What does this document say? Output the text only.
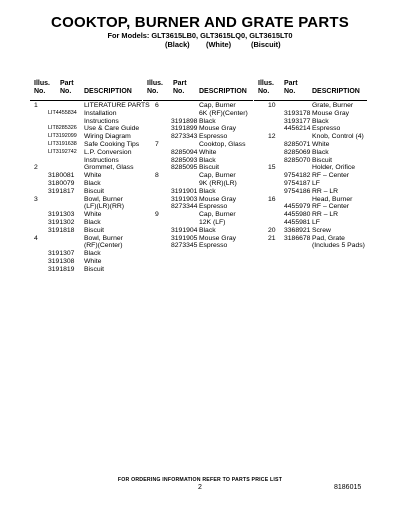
COOKTOP, BURNER AND GRATE PARTS
For Models: GLT3615LB0, GLT3615LQ0, GLT3615LT0
(Black) (White)	(Biscuit)
Illus.
No.
Part
No.	DESCRIPTION
1	LITERATURE PARTS
LIT4455834 Installation
Instructions
LIT8285326 Use & Care Guide
LIT3192099 Wiring Diagram
LIT3191638 Safe Cooking Tips
LIT3192742 L.P. Conversion
Instructions
2	Grommet, Glass
3180081 White
3180079 Black
3191817 Biscuit
3	Bowl, Burner
(LF)(LR)(RR)
3191303 White
3191302 Black
3191818 Biscuit
4	Bowl, Burner
(RF)(Center)
3191307 Black
3191308 White
3191819 Biscuit
Illus.
No.
Part
No.	DESCRIPTION
6	Cap, Burner
6K (RF)(Center)
3191898 Black
3191899 Mouse Gray
8273343 Espresso
7	Cooktop, Glass
8285094 White
8285093 Black
8285095 Biscuit
8	Cap, Burner
9K (RR)(LR)
3191901 Black
3191903 Mouse Gray
8273344 Espresso
9	Cap, Burner
12K (LF)
3191904 Black
3191905 Mouse Gray
8273345 Espresso
Illus.
No.
Part
No.	DESCRIPTION
10	Grate, Burner
3193178 Mouse Gray
3193177 Black
4456214 Espresso
12	Knob, Control (4)
8285071 White
8285069 Black
8285070 Biscuit
15	Holder, Orifice
9754182 RF – Center
9754187 LF
9754186 RR – LR
16	Head, Burner
4455979 RF – Center
4455980 RR – LR
4455981 LF
20 3368921 Screw
21 3186678 Pad, Grate
(Includes 5 Pads)
FOR ORDERING INFORMATION REFER TO PARTS PRICE LIST
2	8186015
